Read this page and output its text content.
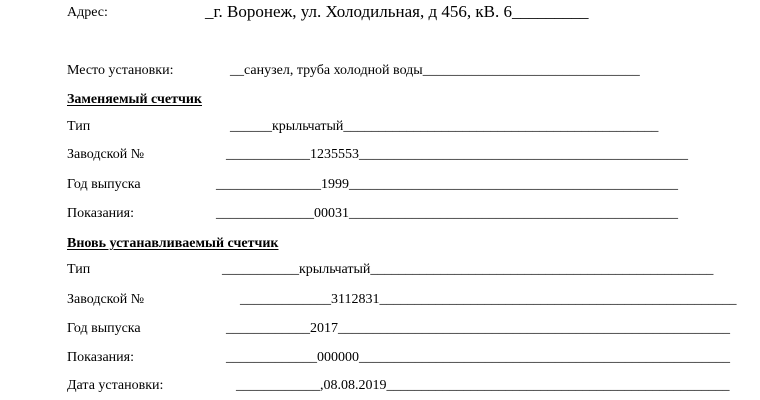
Адрес:	_г. Воронеж, ул. Холодильная, д 456, кВ. 6_________
Место установки:	__санузел, труба холодной воды_______________________________
Заменяемый счетчик
Тип	______крыльчатый_____________________________________________
Заводской №	____________1235553_______________________________________________
Год выпуска	_______________1999_______________________________________________
Показания:	______________00031_______________________________________________
Вновь устанавливаемый счетчик
Тип	___________крыльчатый_________________________________________________
Заводской №	_____________3112831___________________________________________________
Год выпуска	____________2017________________________________________________________
Показания:	_____________000000_____________________________________________________
Дата установки:	____________,08.08.2019_________________________________________________
